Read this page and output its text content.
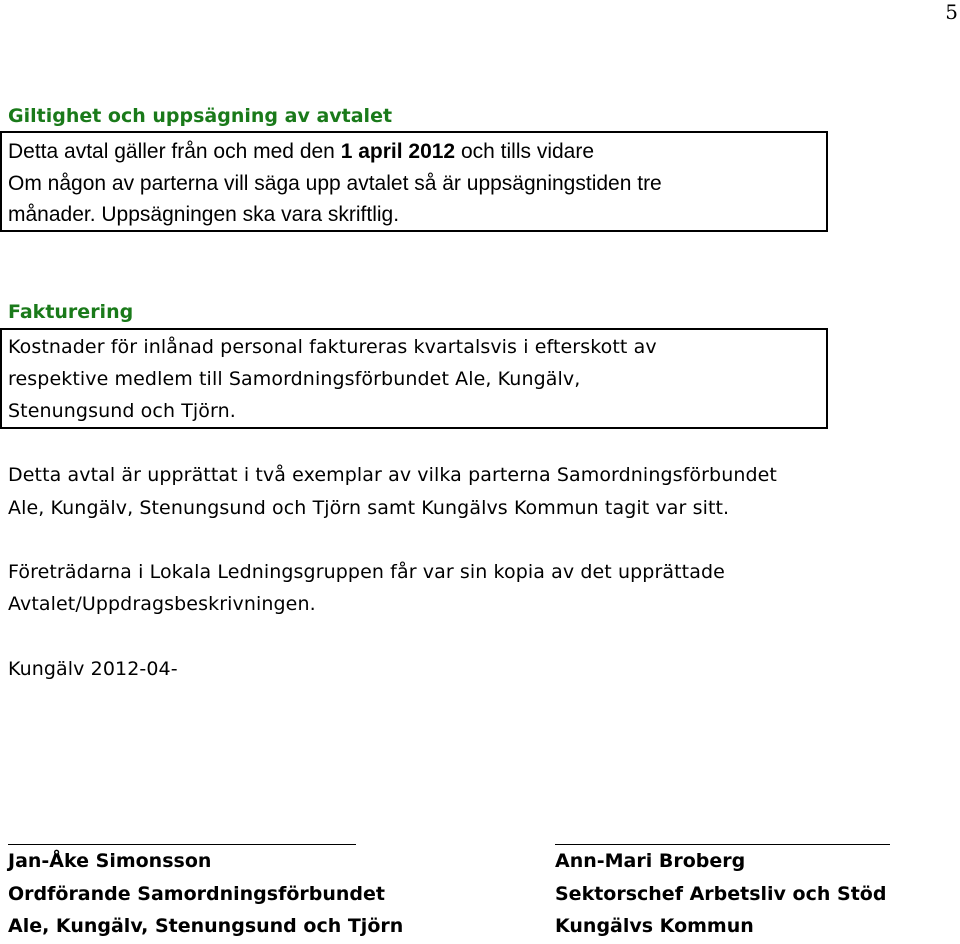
5
Giltighet och uppsägning av avtalet
Detta avtal gäller från och med den 1 april 2012 och tills vidare
Om någon av parterna vill säga upp avtalet så är uppsägningstiden tre
månader. Uppsägningen ska vara skriftlig.
Fakturering
Kostnader för inlånad personal faktureras kvartalsvis i efterskott av
respektive medlem till Samordningsförbundet Ale, Kungälv,
Stenungsund och Tjörn.
Detta avtal är upprättat i två exemplar av vilka parterna Samordningsförbundet
Ale, Kungälv, Stenungsund och Tjörn samt Kungälvs Kommun tagit var sitt.
Företrädarna i Lokala Ledningsgruppen får var sin kopia av det upprättade
Avtalet/Uppdragsbeskrivningen.
Kungälv 2012-04-
Jan-Åke Simonsson
Ordförande Samordningsförbundet
Ale, Kungälv, Stenungsund och Tjörn
Ann-Mari Broberg
Sektorschef Arbetsliv och Stöd
Kungälvs Kommun
